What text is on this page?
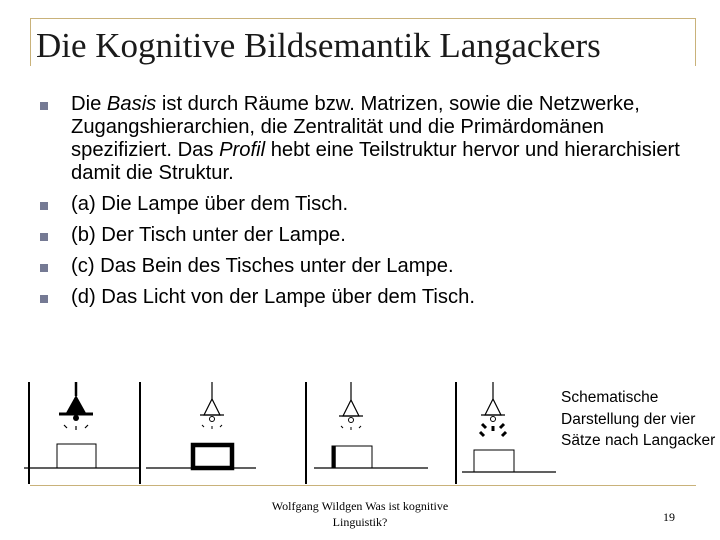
Die Kognitive Bildsemantik Langackers
Die Basis ist durch Räume bzw. Matrizen, sowie die Netzwerke, Zugangshierarchien, die Zentralität und die Primärdomänen spezifiziert. Das Profil hebt eine Teilstruktur hervor und hierarchisiert damit die Struktur.
(a) Die Lampe über dem Tisch.
(b) Der Tisch unter der Lampe.
(c) Das Bein des Tisches unter der Lampe.
(d) Das Licht von der Lampe über dem Tisch.
Schematische Darstellung der vier Sätze nach Langacker
Wolfgang Wildgen Was ist kognitive
Linguistik?	19
